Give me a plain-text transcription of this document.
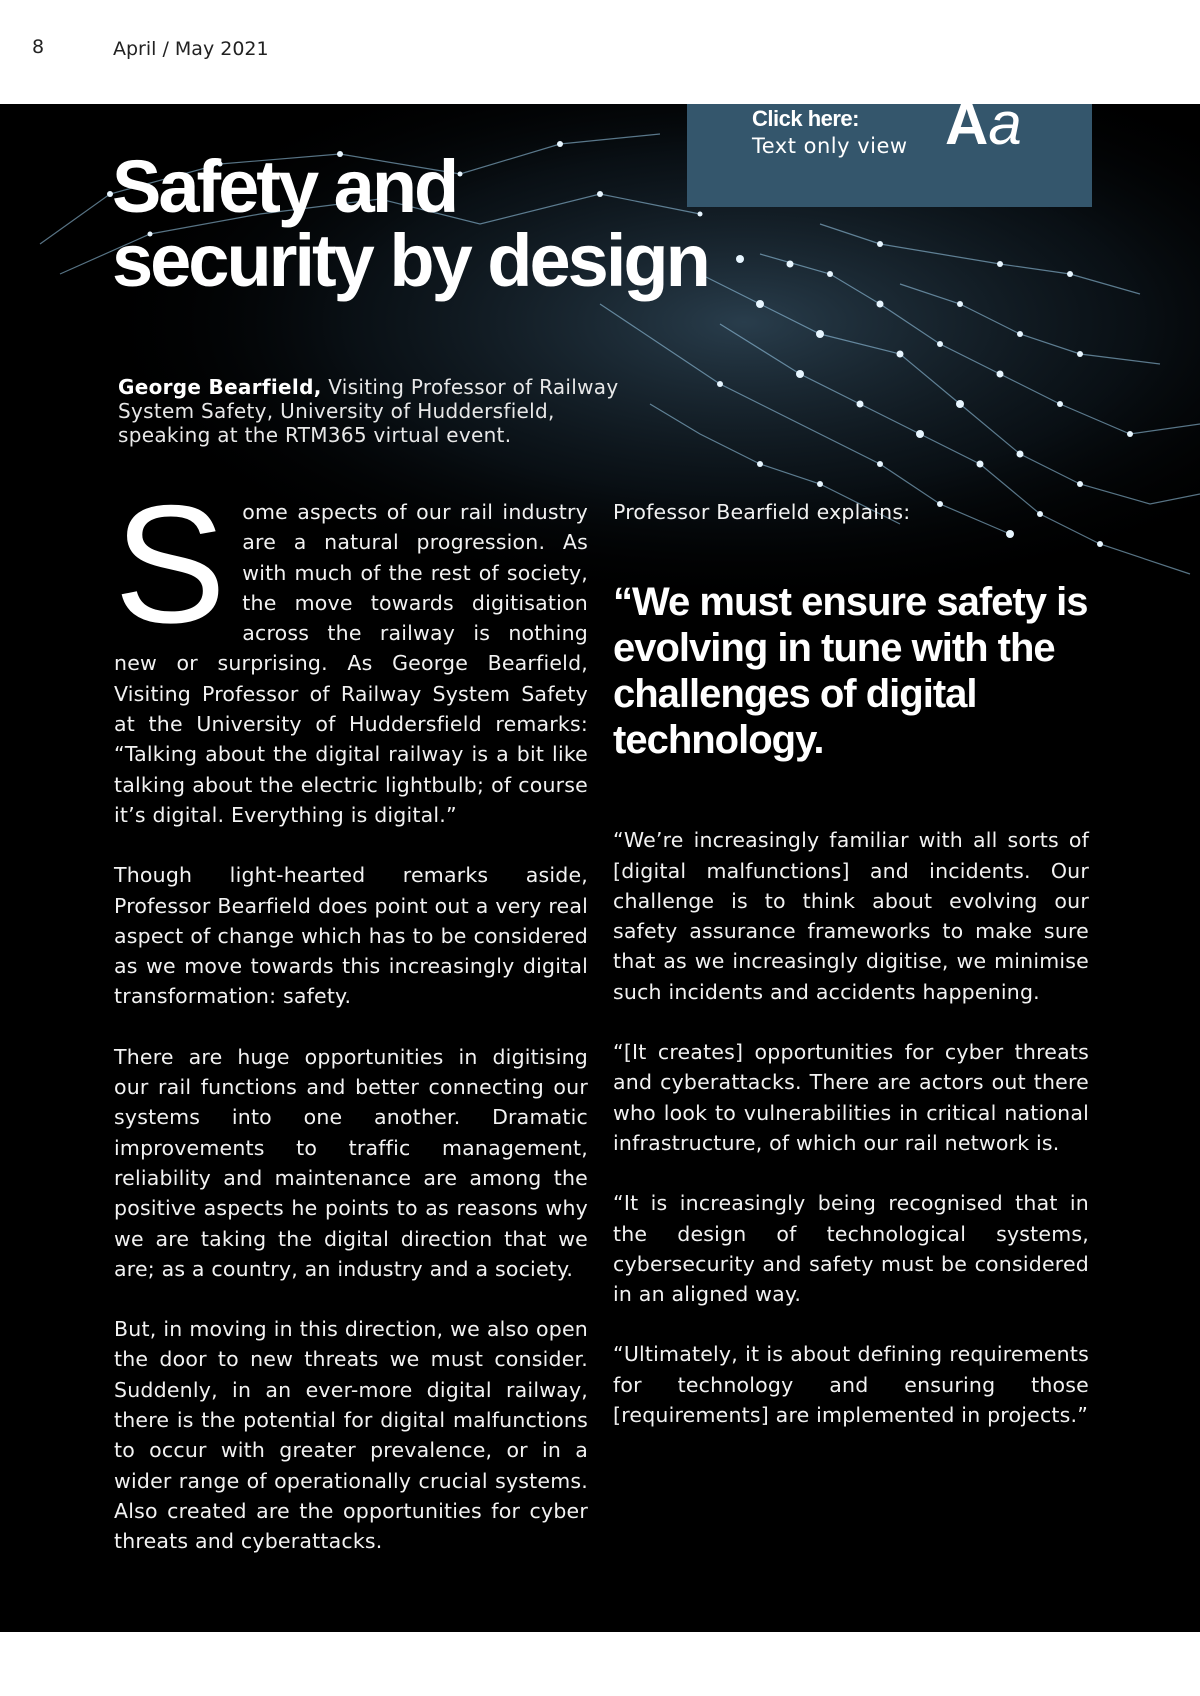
8	April / May 2021
Click here:
Text only view Aa
Safety and
security by design
George Bearfield, Visiting Professor of Railway System Safety, University of Huddersfield, speaking at the RTM365 virtual event.

Some aspects of our rail industry are a natural progression. As with much of the rest of society, the move towards digitisation across the railway is nothing new or surprising. As George Bearfield, Visiting Professor of Railway System Safety at the University of Huddersfield remarks: “Talking about the digital railway is a bit like talking about the electric lightbulb; of course it’s digital. Everything is digital.”

Though light-hearted remarks aside, Professor Bearfield does point out a very real aspect of change which has to be considered as we move towards this increasingly digital transformation: safety.

There are huge opportunities in digitising our rail functions and better connecting our systems into one another. Dramatic improvements to traffic management, reliability and maintenance are among the positive aspects he points to as reasons why we are taking the digital direction that we are; as a country, an industry and a society.

But, in moving in this direction, we also open the door to new threats we must consider. Suddenly, in an ever-more digital railway, there is the potential for digital malfunctions to occur with greater prevalence, or in a wider range of operationally crucial systems. Also created are the opportunities for cyber threats and cyberattacks.

Professor Bearfield explains:

“We must ensure safety is evolving in tune with the challenges of digital technology.

“We’re increasingly familiar with all sorts of [digital malfunctions] and incidents. Our challenge is to think about evolving our safety assurance frameworks to make sure that as we increasingly digitise, we minimise such incidents and accidents happening.

“[It creates] opportunities for cyber threats and cyberattacks. There are actors out there who look to vulnerabilities in critical national infrastructure, of which our rail network is.

“It is increasingly being recognised that in the design of technological systems, cybersecurity and safety must be considered in an aligned way.

“Ultimately, it is about defining requirements for technology and ensuring those [requirements] are implemented in projects.”
